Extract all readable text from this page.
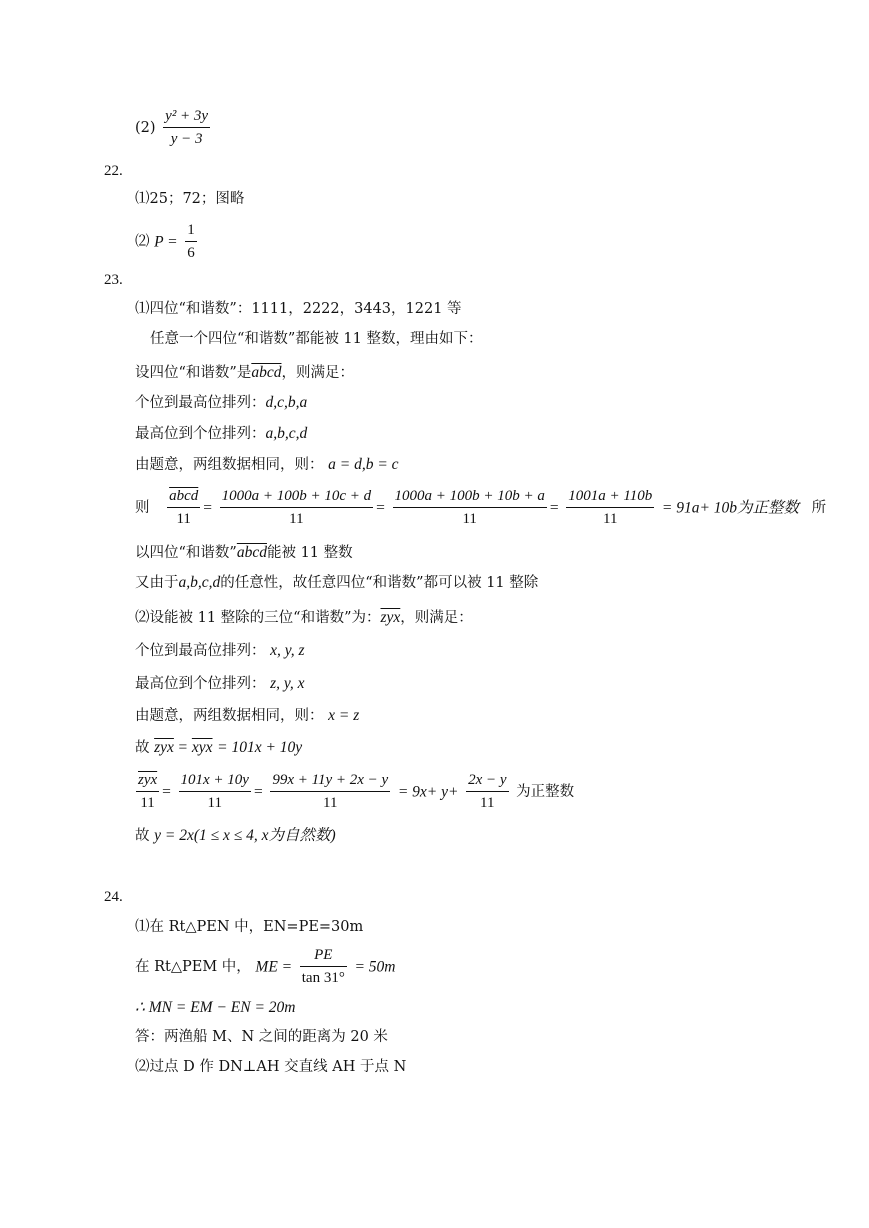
$(2) \frac{\text{y² + 3y}}{y - 3}$
22.
⑴25；72；图略
⑵ $P = \frac{1}{6}$
23.
⑴四位“和谐数”：1111，2222，3443，1221 等
任意一个四位“和谐数”都能被 11 整数，理由如下：
设四位“和谐数”是abcd，则满足：
个位到最高位排列：d,c,b,a
最高位到个位排列：a,b,c,d
由题意，两组数据相同，则： a = d,b = c
则 $\frac{\text{abcd}}{11} = \frac{1000a + 100b + 10c + d}{11} = \frac{1000a + 100b + 10b + a}{11} = \frac{1001a + 110b}{11} = 91a+ 10b$为正整数 所
以四位“和谐数”abcd能被 11 整数
又由于a,b,c,d的任意性，故任意四位“和谐数”都可以被 11 整除
⑵设能被 11 整除的三位“和谐数”为：$\overline{zyx}$，则满足：
个位到最高位排列： x, y, z
最高位到个位排列： z, y, x
由题意，两组数据相同，则： x = z
故 $\overline{zyx} = \overline{xyx} = 101x + 10y$
$\frac{\overline{zyx}}{11} = \frac{101x + 10y}{11} = \frac{99x + 11y + 2x - y}{11} = 9x+ y+ \frac{2x - y}{11}$ 为正整数
故 y = 2x(1 ≤ x ≤ 4, x为自然数)
24.
⑴在 Rt△PEN 中，EN=PE=30m
在 Rt△PEM 中， ME = $\frac{PE}{\tan 31^\circ} = 50m$
∴ MN = EM − EN = 20m
答：两渔船 M、N 之间的距离为 20 米
⑵过点 D 作 DN⊥AH 交直线 AH 于点 N
